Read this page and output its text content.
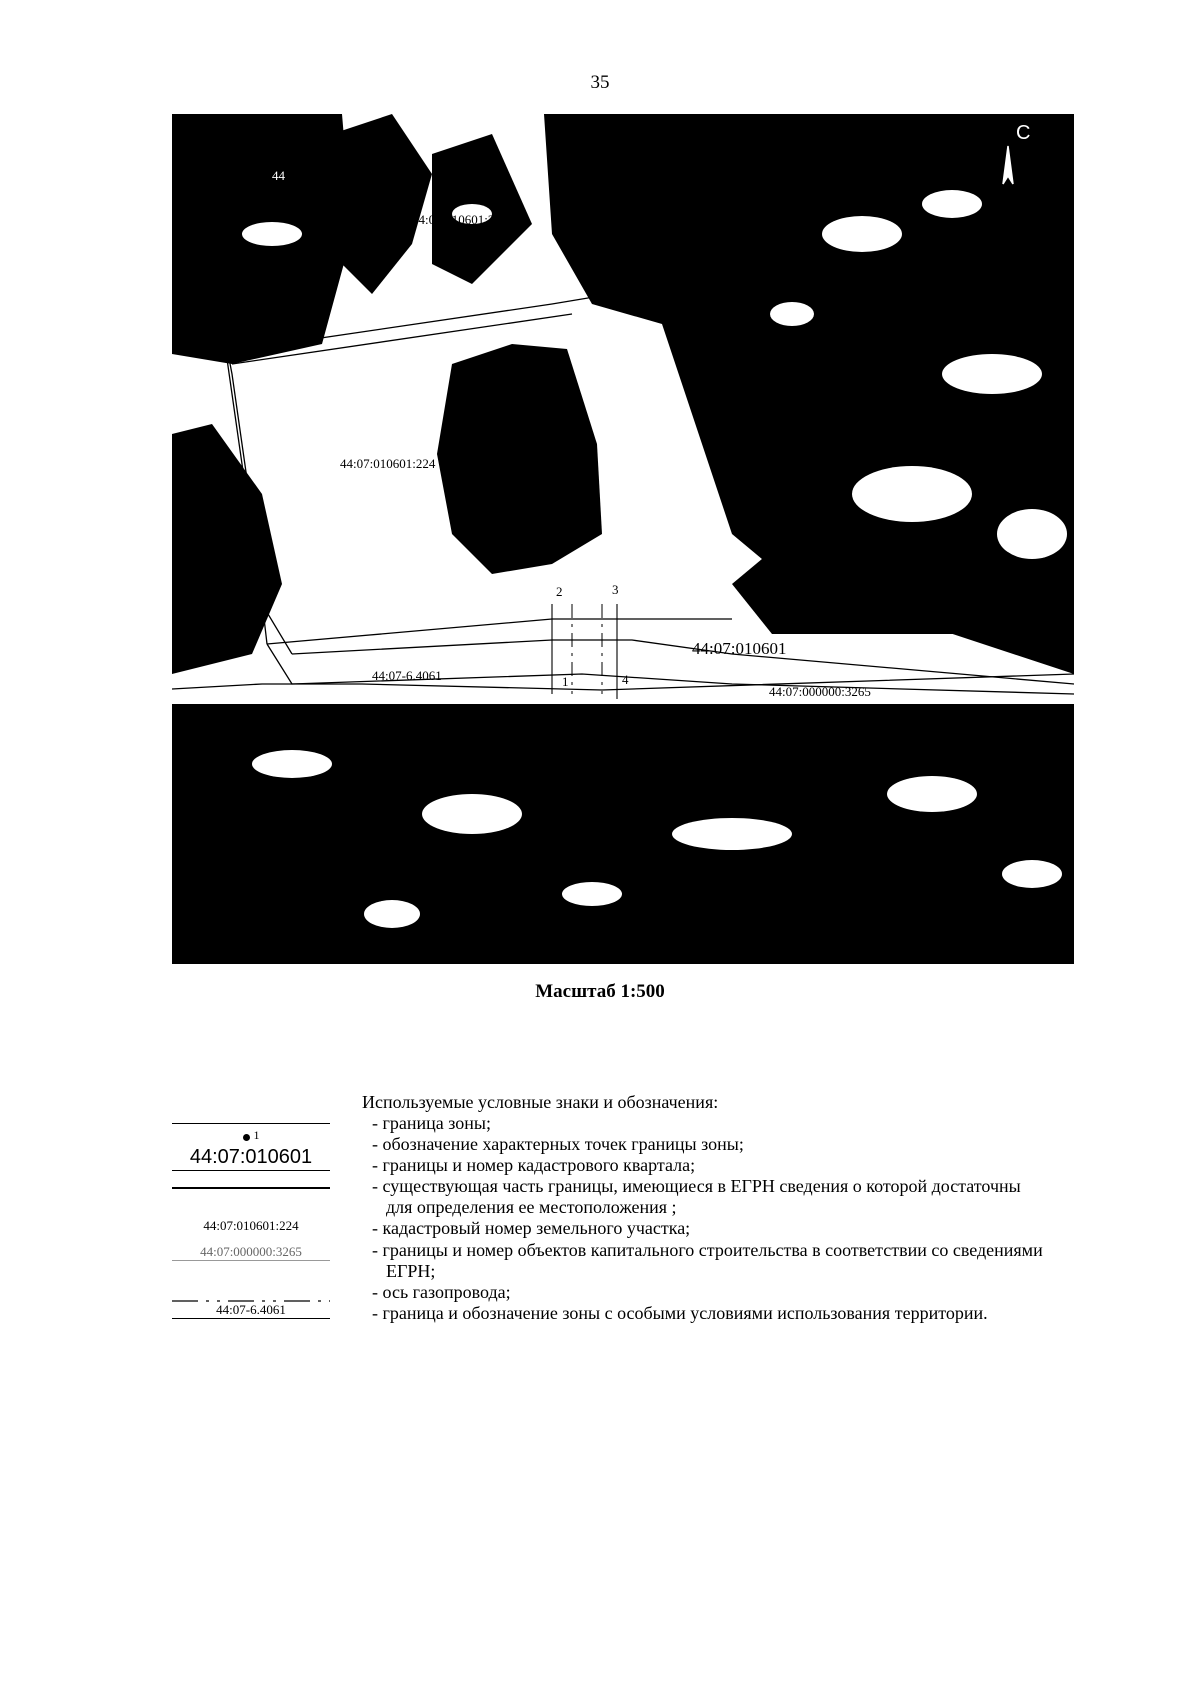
35
С
44
44:07:010601:225
44:07:010601:224
44:07:010601:202
44:07:010601
44:07-6.4061
44:07:000000:3265
1
2	3
4
Масштаб 1:500
Используемые условные знаки и обозначения:
$^1$
44:07:010601
44:07:010601:224
44:07:000000:3265
44:07-6.4061
- граница зоны;
- обозначение характерных точек границы зоны;
- границы и номер кадастрового квартала;
- существующая часть границы, имеющиеся в ЕГРН сведения о которой достаточны
для определения ее местоположения ;
- кадастровый номер земельного участка;
- границы и номер объектов капитального строительства в соответствии со сведениями
ЕГРН;
- ось газопровода;
- граница и обозначение зоны с особыми условиями использования территории.
